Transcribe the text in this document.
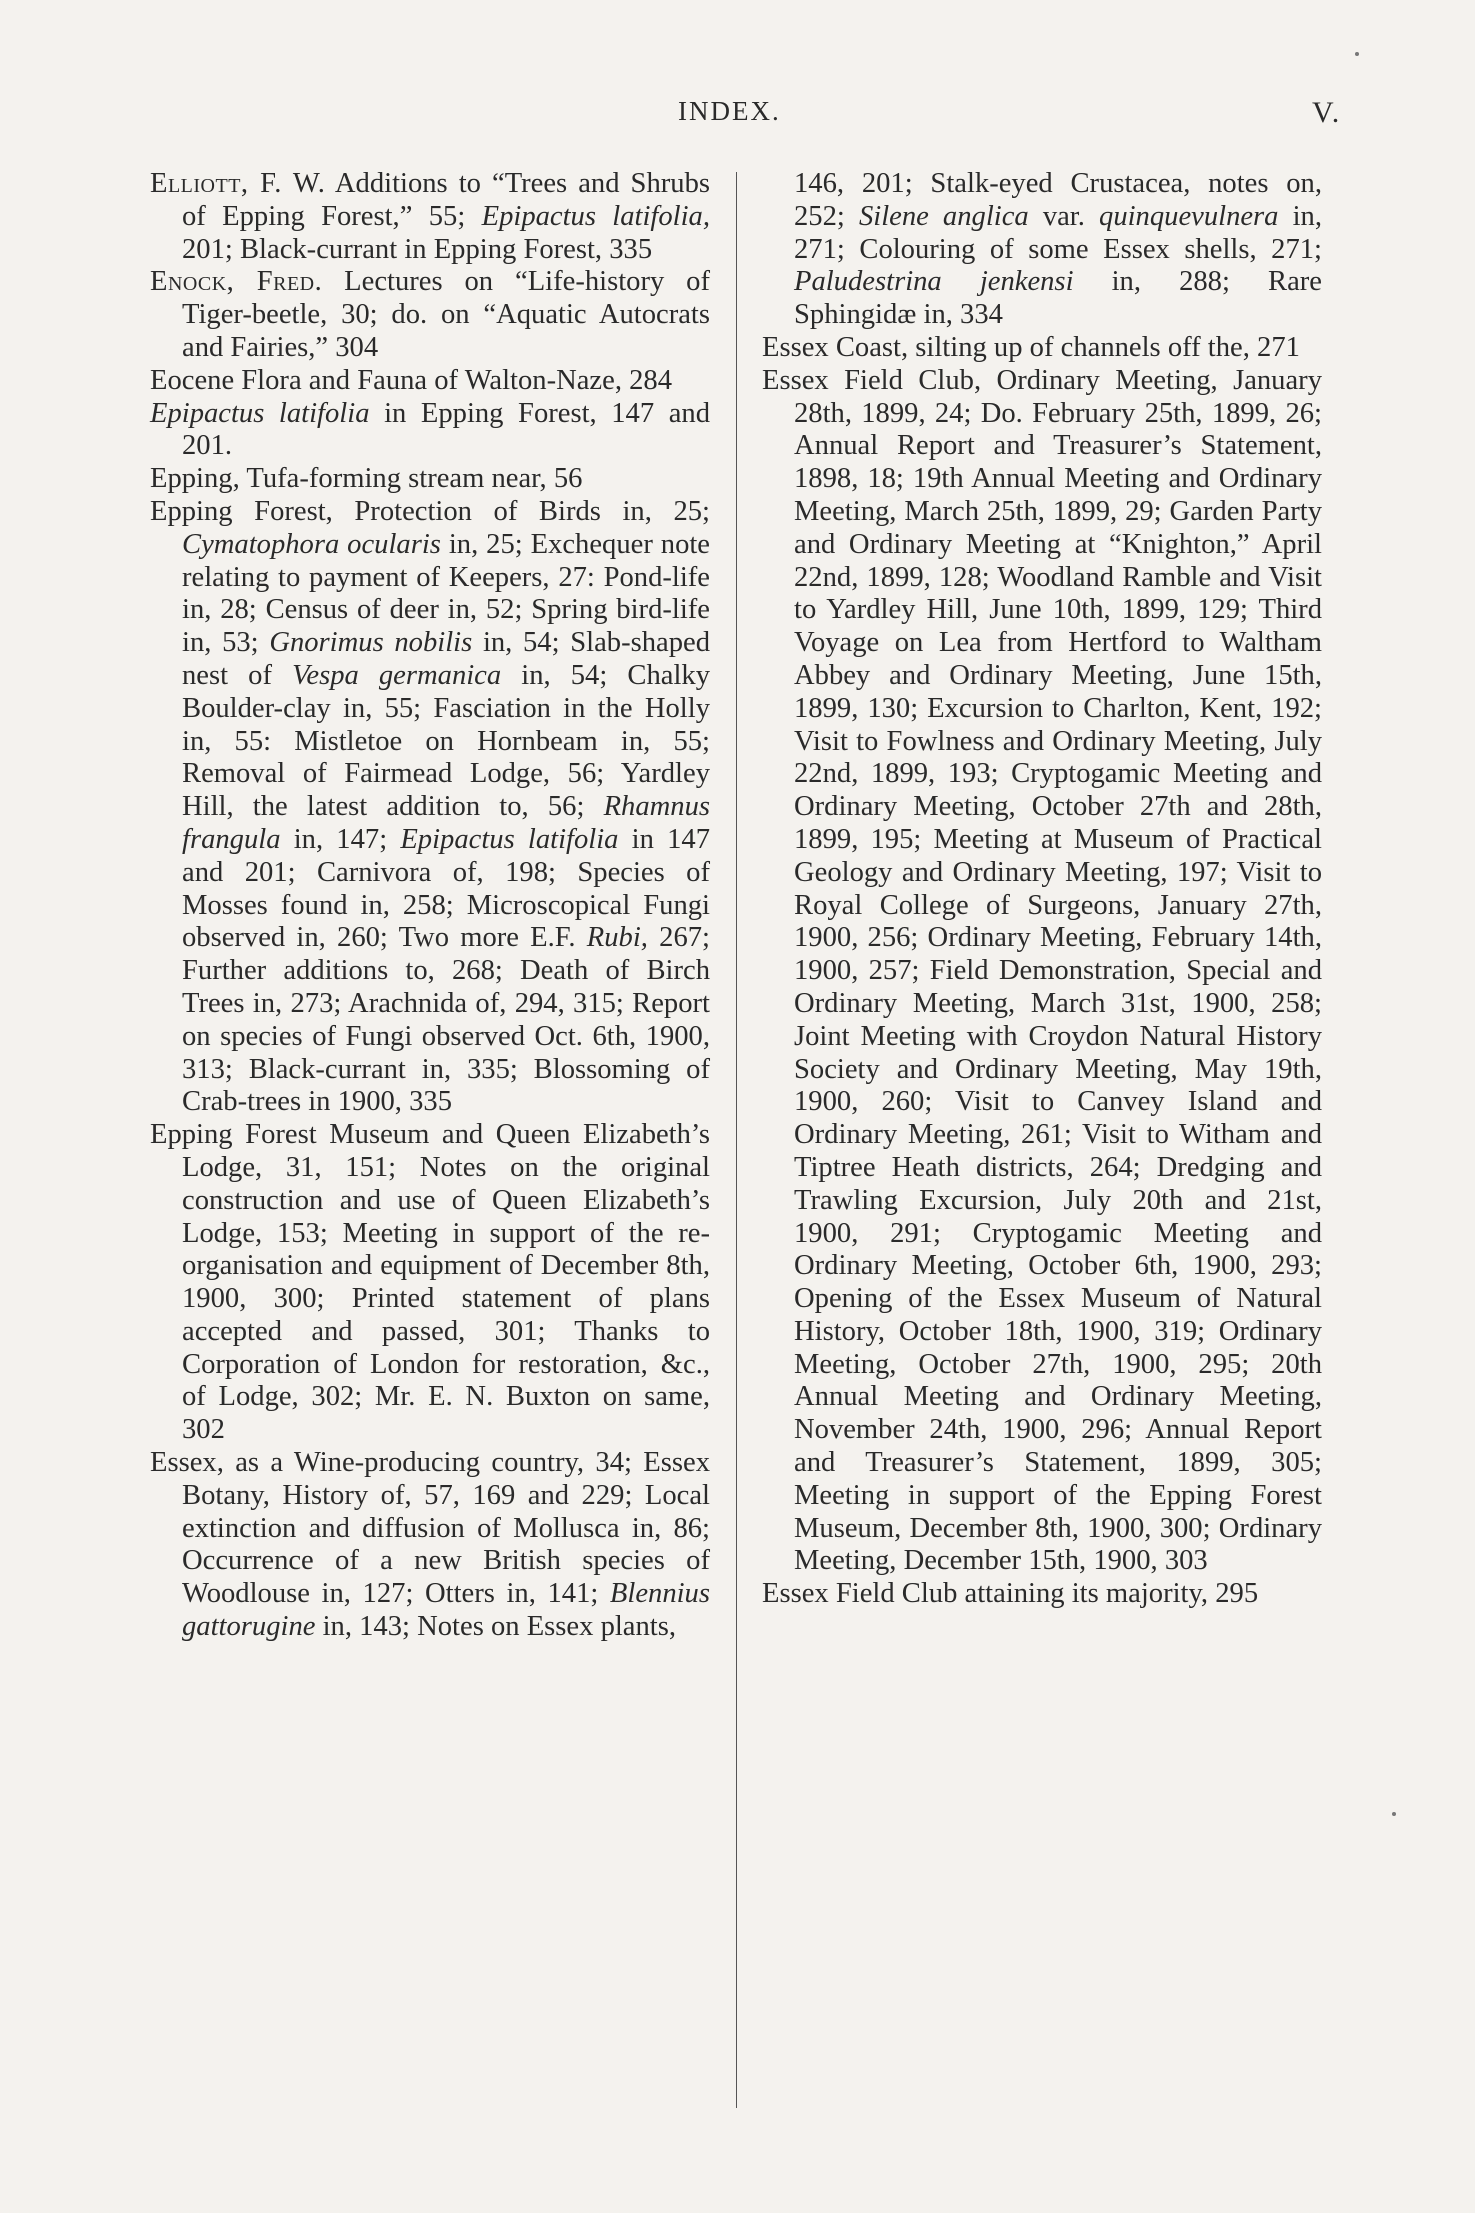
INDEX.	V.

Elliott, F. W. Additions to “Trees and Shrubs of Epping Forest,” 55; Epipactus latifolia, 201; Black-currant in Epping Forest, 335

Enock, Fred. Lectures on “Life-history of Tiger-beetle, 30; do. on “Aquatic Autocrats and Fairies,” 304

Eocene Flora and Fauna of Walton-Naze, 284

Epipactus latifolia in Epping Forest, 147 and 201.

Epping, Tufa-forming stream near, 56

Epping Forest, Protection of Birds in, 25; Cymatophora ocularis in, 25; Exchequer note relating to payment of Keepers, 27: Pond-life in, 28; Census of deer in, 52; Spring bird-life in, 53; Gnorimus nobilis in, 54; Slab-shaped nest of Vespa germanica in, 54; Chalky Boulder-clay in, 55; Fasciation in the Holly in, 55: Mistletoe on Hornbeam in, 55; Removal of Fairmead Lodge, 56; Yardley Hill, the latest addition to, 56; Rhamnus frangula in, 147; Epipactus latifolia in 147 and 201; Carnivora of, 198; Species of Mosses found in, 258; Microscopical Fungi observed in, 260; Two more E.F. Rubi, 267; Further additions to, 268; Death of Birch Trees in, 273; Arachnida of, 294, 315; Report on species of Fungi observed Oct. 6th, 1900, 313; Black-currant in, 335; Blossoming of Crab-trees in 1900, 335

Epping Forest Museum and Queen Elizabeth’s Lodge, 31, 151; Notes on the original construction and use of Queen Elizabeth’s Lodge, 153; Meeting in support of the re-organisation and equipment of December 8th, 1900, 300; Printed statement of plans accepted and passed, 301; Thanks to Corporation of London for restoration, &c., of Lodge, 302; Mr. E. N. Buxton on same, 302

Essex, as a Wine-producing country, 34; Essex Botany, History of, 57, 169 and 229; Local extinction and diffusion of Mollusca in, 86; Occurrence of a new British species of Woodlouse in, 127; Otters in, 141; Blennius gattorugine in, 143; Notes on Essex plants,

146, 201; Stalk-eyed Crustacea, notes on, 252; Silene anglica var. quinquevulnera in, 271; Colouring of some Essex shells, 271; Paludestrina jenkensi in, 288; Rare Sphingidæ in, 334

Essex Coast, silting up of channels off the, 271

Essex Field Club, Ordinary Meeting, January 28th, 1899, 24; Do. February 25th, 1899, 26; Annual Report and Treasurer’s Statement, 1898, 18; 19th Annual Meeting and Ordinary Meeting, March 25th, 1899, 29; Garden Party and Ordinary Meeting at “Knighton,” April 22nd, 1899, 128; Woodland Ramble and Visit to Yardley Hill, June 10th, 1899, 129; Third Voyage on Lea from Hertford to Waltham Abbey and Ordinary Meeting, June 15th, 1899, 130; Excursion to Charlton, Kent, 192; Visit to Fowlness and Ordinary Meeting, July 22nd, 1899, 193; Cryptogamic Meeting and Ordinary Meeting, October 27th and 28th, 1899, 195; Meeting at Museum of Practical Geology and Ordinary Meeting, 197; Visit to Royal College of Surgeons, January 27th, 1900, 256; Ordinary Meeting, February 14th, 1900, 257; Field Demonstration, Special and Ordinary Meeting, March 31st, 1900, 258; Joint Meeting with Croydon Natural History Society and Ordinary Meeting, May 19th, 1900, 260; Visit to Canvey Island and Ordinary Meeting, 261; Visit to Witham and Tiptree Heath districts, 264; Dredging and Trawling Excursion, July 20th and 21st, 1900, 291; Cryptogamic Meeting and Ordinary Meeting, October 6th, 1900, 293; Opening of the Essex Museum of Natural History, October 18th, 1900, 319; Ordinary Meeting, October 27th, 1900, 295; 20th Annual Meeting and Ordinary Meeting, November 24th, 1900, 296; Annual Report and Treasurer’s Statement, 1899, 305; Meeting in support of the Epping Forest Museum, December 8th, 1900, 300; Ordinary Meeting, December 15th, 1900, 303

Essex Field Club attaining its majority, 295
